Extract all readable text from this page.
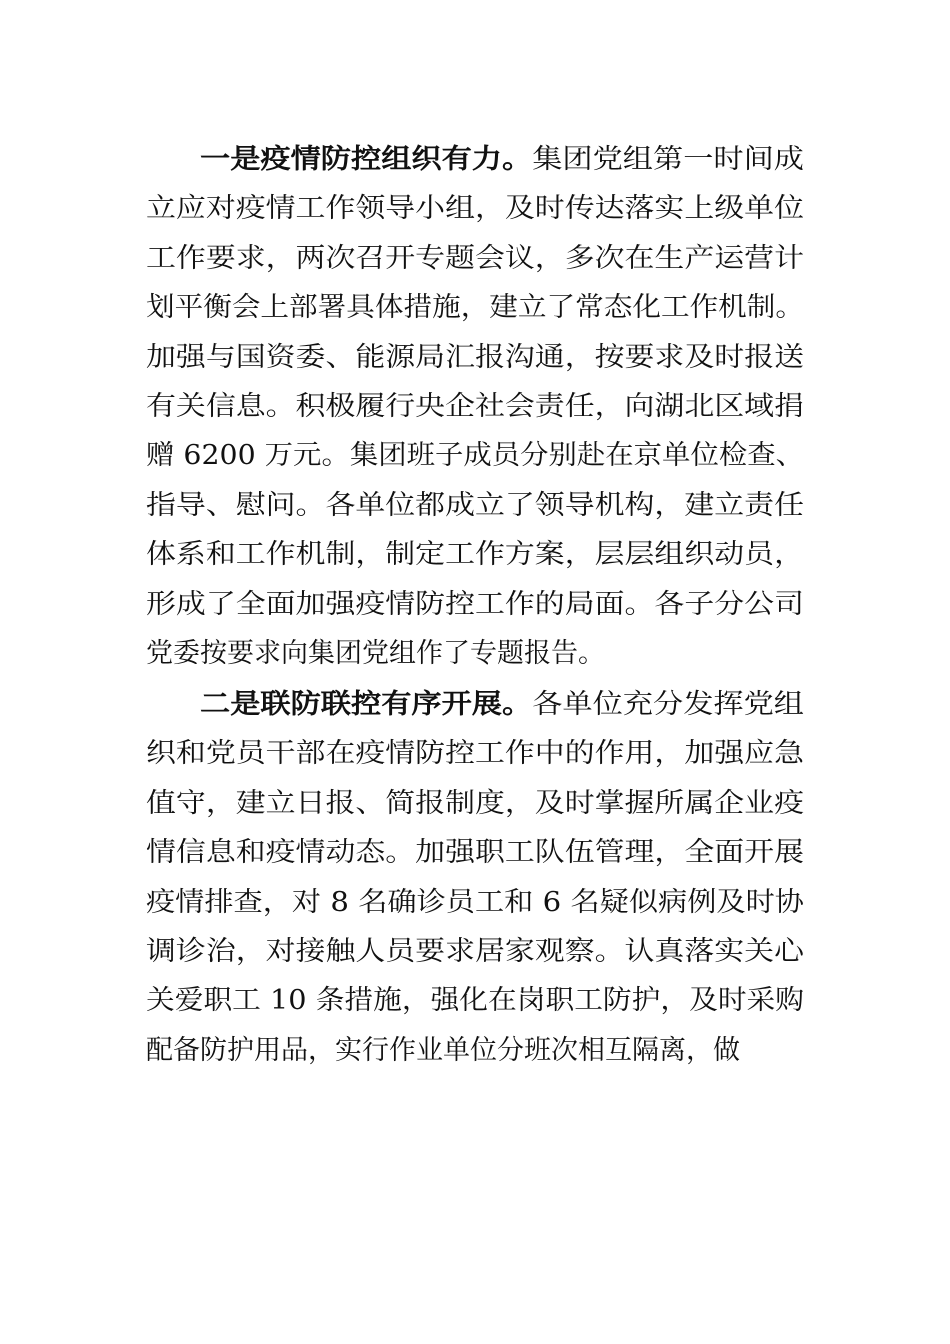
一是疫情防控组织有力。集团党组第一时间成
立应对疫情工作领导小组，及时传达落实上级单位
工作要求，两次召开专题会议，多次在生产运营计
划平衡会上部署具体措施，建立了常态化工作机制。
加强与国资委、能源局汇报沟通，按要求及时报送
有关信息。积极履行央企社会责任，向湖北区域捐
赠 6200 万元。集团班子成员分别赴在京单位检查、
指导、慰问。各单位都成立了领导机构，建立责任
体系和工作机制，制定工作方案，层层组织动员，
形成了全面加强疫情防控工作的局面。各子分公司
党委按要求向集团党组作了专题报告。
二是联防联控有序开展。各单位充分发挥党组
织和党员干部在疫情防控工作中的作用，加强应急
值守，建立日报、简报制度，及时掌握所属企业疫
情信息和疫情动态。加强职工队伍管理，全面开展
疫情排查，对 8 名确诊员工和 6 名疑似病例及时协
调诊治，对接触人员要求居家观察。认真落实关心
关爱职工 10 条措施，强化在岗职工防护，及时采购
配备防护用品，实行作业单位分班次相互隔离，做
